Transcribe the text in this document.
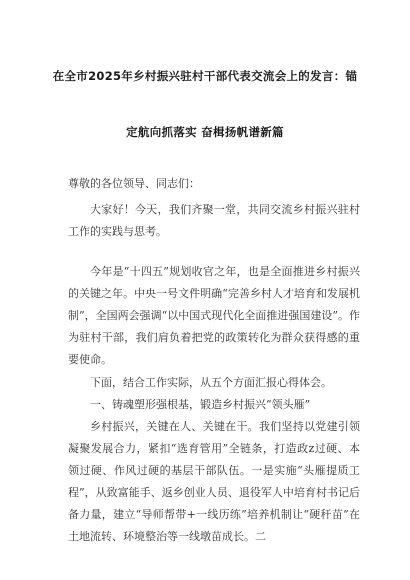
在全市2025年乡村振兴驻村干部代表交流会上的发言：锚
定航向抓落实 奋楫扬帆谱新篇
尊敬的各位领导、同志们：

大家好！今天，我们齐聚一堂，共同交流乡村振兴驻村工作的实践与思考。

今年是“十四五”规划收官之年，也是全面推进乡村振兴的关键之年。中央一号文件明确“完善乡村人才培育和发展机制”，全国两会强调“以中国式现代化全面推进强国建设”。作为驻村干部，我们肩负着把党的政策转化为群众获得感的重要使命。

下面，结合工作实际，从五个方面汇报心得体会。

一、铸魂塑形强根基，锻造乡村振兴“领头雁”

乡村振兴，关键在人、关键在干。我们坚持以党建引领凝聚发展合力，紧扣“选育管用”全链条，打造政z过硬、本领过硬、作风过硬的基层干部队伍。一是实施“头雁提质工程”，从致富能手、返乡创业人员、退役军人中培育村书记后备力量，建立“导师帮带+一线历练”培养机制让“硬秆苗”在土地流转、环境整治等一线墩苗成长。二
